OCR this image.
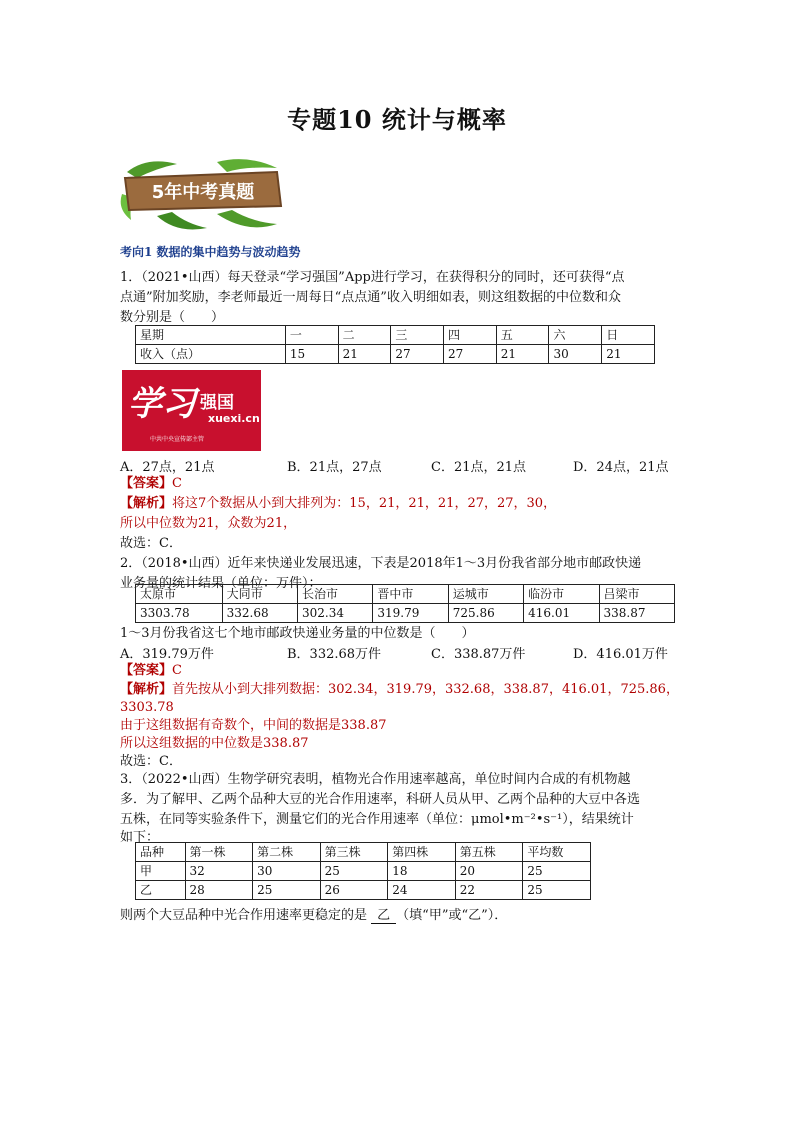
专题10 统计与概率
5年中考真题
考向1 数据的集中趋势与波动趋势
1．（2021•山西）每天登录“学习强国”App进行学习，在获得积分的同时，还可获得“点
点通”附加奖励，李老师最近一周每日“点点通”收入明细如表，则这组数据的中位数和众
数分别是（　　）
星期	一	二	三	四	五	六	日
收入（点）	15	21	27	27	21	30	21
学习 强国
xuexi.cn
中共中央宣传部主管
A．27点，21点	B．21点，27点	C．21点，21点	D．24点，21点
【答案】C
【解析】将这7个数据从小到大排列为：15，21，21，21，27，27，30，
所以中位数为21，众数为21，
故选：C．
2．（2018•山西）近年来快递业发展迅速，下表是2018年1～3月份我省部分地市邮政快递
业务量的统计结果（单位：万件）：
太原市	大同市	长治市	晋中市	运城市	临汾市	吕梁市
3303.78	332.68	302.34	319.79	725.86	416.01	338.87
1～3月份我省这七个地市邮政快递业务量的中位数是（　　）
A．319.79万件	B．332.68万件	C．338.87万件	D．416.01万件
【答案】C
【解析】首先按从小到大排列数据：302.34，319.79，332.68，338.87，416.01，725.86，
3303.78
由于这组数据有奇数个，中间的数据是338.87
所以这组数据的中位数是338.87
故选：C．
3．（2022•山西）生物学研究表明，植物光合作用速率越高，单位时间内合成的有机物越
多．为了解甲、乙两个品种大豆的光合作用速率，科研人员从甲、乙两个品种的大豆中各选
五株，在同等实验条件下，测量它们的光合作用速率（单位：μmol•m⁻²•s⁻¹），结果统计
如下：
品种	第一株	第二株	第三株	第四株	第五株	平均数
甲	32	30	25	18	20	25
乙	28	25	26	24	22	25
则两个大豆品种中光合作用速率更稳定的是 乙 （填“甲”或“乙”）．
